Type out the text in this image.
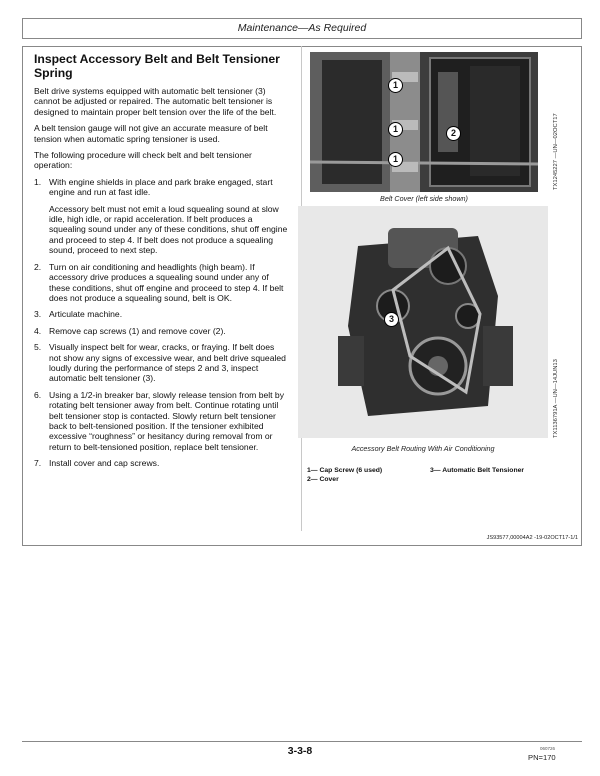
Maintenance—As Required
Inspect Accessory Belt and Belt Tensioner Spring
Belt drive systems equipped with automatic belt tensioner (3) cannot be adjusted or repaired. The automatic belt tensioner is designed to maintain proper belt tension over the life of the belt.
A belt tension gauge will not give an accurate measure of belt tension when automatic spring tensioner is used.
The following procedure will check belt and belt tensioner operation:
1. With engine shields in place and park brake engaged, start engine and run at fast idle.
Accessory belt must not emit a loud squealing sound at slow idle, high idle, or rapid acceleration. If belt produces a squealing sound under any of these conditions, shut off engine and proceed to step 4. If belt does not produce a squealing sound, proceed to next step.
2. Turn on air conditioning and headlights (high beam). If accessory drive produces a squealing sound under any of these conditions, shut off engine and proceed to step 4. If belt does not produce a squealing sound, belt is OK.
3. Articulate machine.
4. Remove cap screws (1) and remove cover (2).
5. Visually inspect belt for wear, cracks, or fraying. If belt does not show any signs of excessive wear, and belt drive squealed loudly during the performance of steps 2 and 3, inspect automatic belt tensioner (3).
6. Using a 1/2-in breaker bar, slowly release tension from belt by rotating belt tensioner away from belt. Continue rotating until belt tensioner stop is contacted. Slowly return belt tensioner back to belt-tensioned position. If the tensioner exhibited excessive “roughness” or hesitancy during removal from or return to belt-tensioned position, replace belt tensioner.
7. Install cover and cap screws.
1
1
1
2
Belt Cover (left side shown)
TX1245227 —UN—02OCT17
3
Accessory Belt Routing With Air Conditioning
TX1136791A —UN—14JUN13
1— Cap Screw (6 used)
2— Cover
3— Automatic Belt Tensioner
JS93577,00004A2 -19-02OCT17-1/1
3-3-8	060726
PN=170
